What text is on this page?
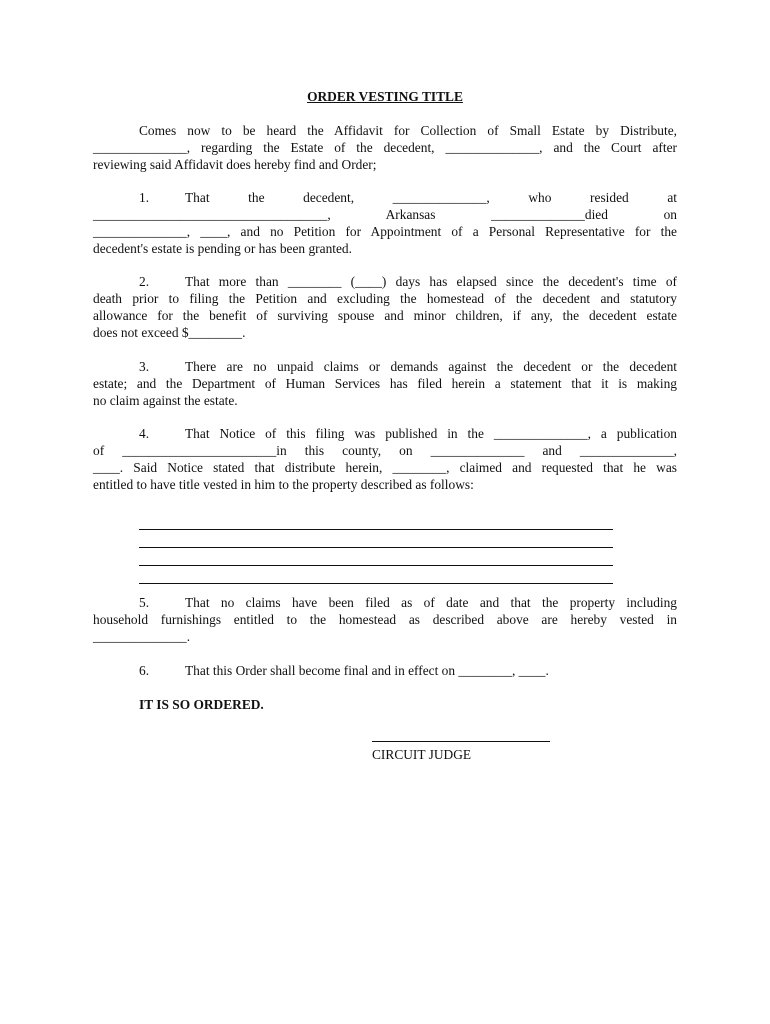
ORDER VESTING TITLE
Comes now to be heard the Affidavit for Collection of Small Estate by Distribute,
______________, regarding the Estate of the decedent, ______________, and the Court after
reviewing said Affidavit does hereby find and Order;
1.	That the decedent, ______________, who resided at
___________________________________, Arkansas ______________died on
______________, ____, and no Petition for Appointment of a Personal Representative for the
decedent's estate is pending or has been granted.
2.	That more than ________ (____) days has elapsed since the decedent's time of
death prior to filing the Petition and excluding the homestead of the decedent and statutory
allowance for the benefit of surviving spouse and minor children, if any, the decedent estate
does not exceed $________.
3.	There are no unpaid claims or demands against the decedent or the decedent
estate; and the Department of Human Services has filed herein a statement that it is making
no claim against the estate.
4.	That Notice of this filing was published in the ______________, a publication
of _______________________in this county, on ______________ and ______________,
____. Said Notice stated that distribute herein, ________, claimed and requested that he was
entitled to have title vested in him to the property described as follows:
5.	That no claims have been filed as of date and that the property including
household furnishings entitled to the homestead as described above are hereby vested in
______________.
6.	That this Order shall become final and in effect on ________, ____.
IT IS SO ORDERED.
CIRCUIT JUDGE
